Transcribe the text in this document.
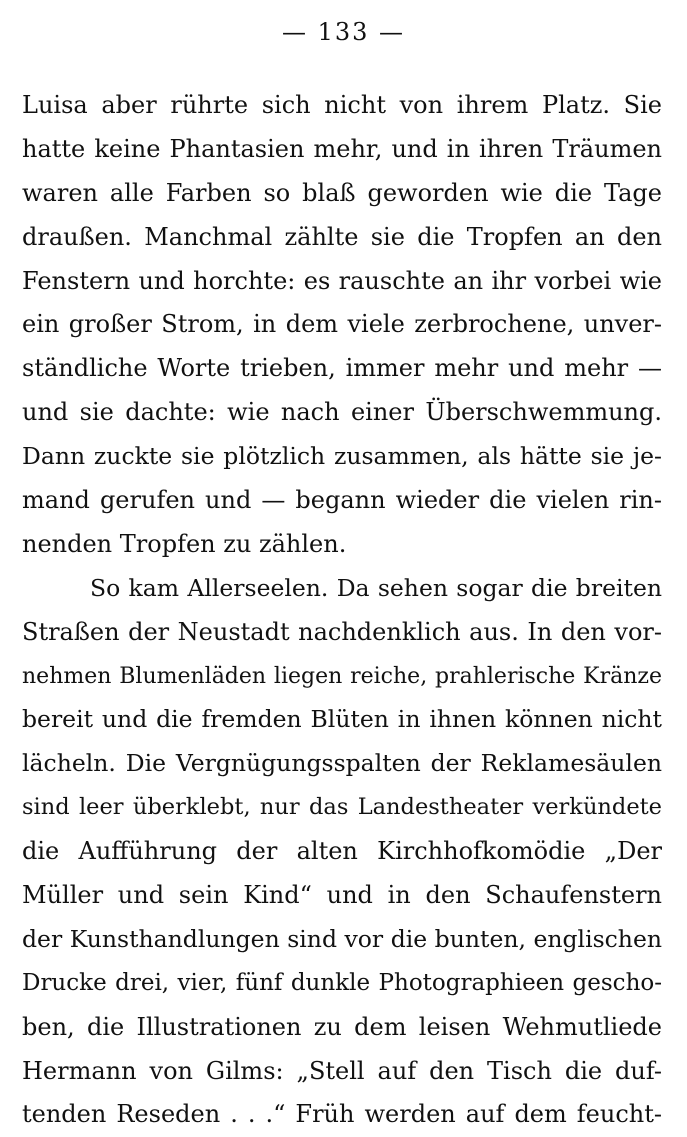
— 133 —
Luisa aber rührte sich nicht von ihrem Platz. Sie
hatte keine Phantasien mehr, und in ihren Träumen
waren alle Farben so blaß geworden wie die Tage
draußen. Manchmal zählte sie die Tropfen an den
Fenstern und horchte: es rauschte an ihr vorbei wie
ein großer Strom, in dem viele zerbrochene, unver-
ständliche Worte trieben, immer mehr und mehr —
und sie dachte: wie nach einer Überschwemmung.
Dann zuckte sie plötzlich zusammen, als hätte sie je-
mand gerufen und — begann wieder die vielen rin-
nenden Tropfen zu zählen.
So kam Allerseelen. Da sehen sogar die breiten
Straßen der Neustadt nachdenklich aus. In den vor-
nehmen Blumenläden liegen reiche, prahlerische Kränze
bereit und die fremden Blüten in ihnen können nicht
lächeln. Die Vergnügungsspalten der Reklamesäulen
sind leer überklebt, nur das Landestheater verkündete
die Aufführung der alten Kirchhofkomödie „Der
Müller und sein Kind“ und in den Schaufenstern
der Kunsthandlungen sind vor die bunten, englischen
Drucke drei, vier, fünf dunkle Photographieen gescho-
ben, die Illustrationen zu dem leisen Wehmutliede
Hermann von Gilms: „Stell auf den Tisch die duf-
tenden Reseden . . .“ Früh werden auf dem feucht-
